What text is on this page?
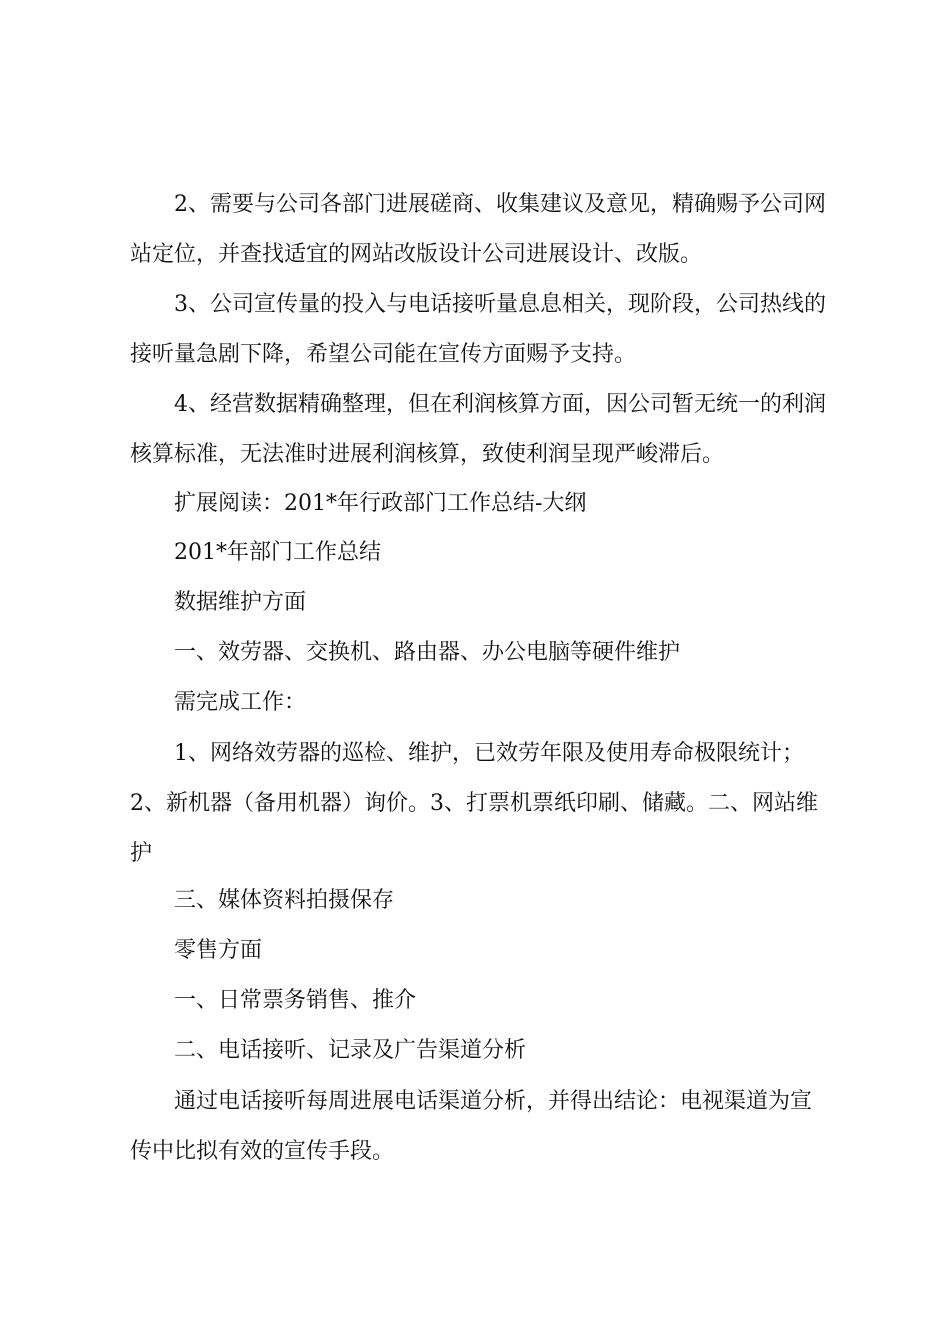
2、需要与公司各部门进展磋商、收集建议及意见，精确赐予公司网
站定位，并查找适宜的网站改版设计公司进展设计、改版。
3、公司宣传量的投入与电话接听量息息相关，现阶段，公司热线的
接听量急剧下降，希望公司能在宣传方面赐予支持。
4、经营数据精确整理，但在利润核算方面，因公司暂无统一的利润
核算标准，无法准时进展利润核算，致使利润呈现严峻滞后。
扩展阅读：201*年行政部门工作总结-大纲
201*年部门工作总结
数据维护方面
一、效劳器、交换机、路由器、办公电脑等硬件维护
需完成工作：
1、网络效劳器的巡检、维护，已效劳年限及使用寿命极限统计；
2、新机器（备用机器）询价。3、打票机票纸印刷、储藏。二、网站维
护
三、媒体资料拍摄保存
零售方面
一、日常票务销售、推介
二、电话接听、记录及广告渠道分析
通过电话接听每周进展电话渠道分析，并得出结论：电视渠道为宣
传中比拟有效的宣传手段。
